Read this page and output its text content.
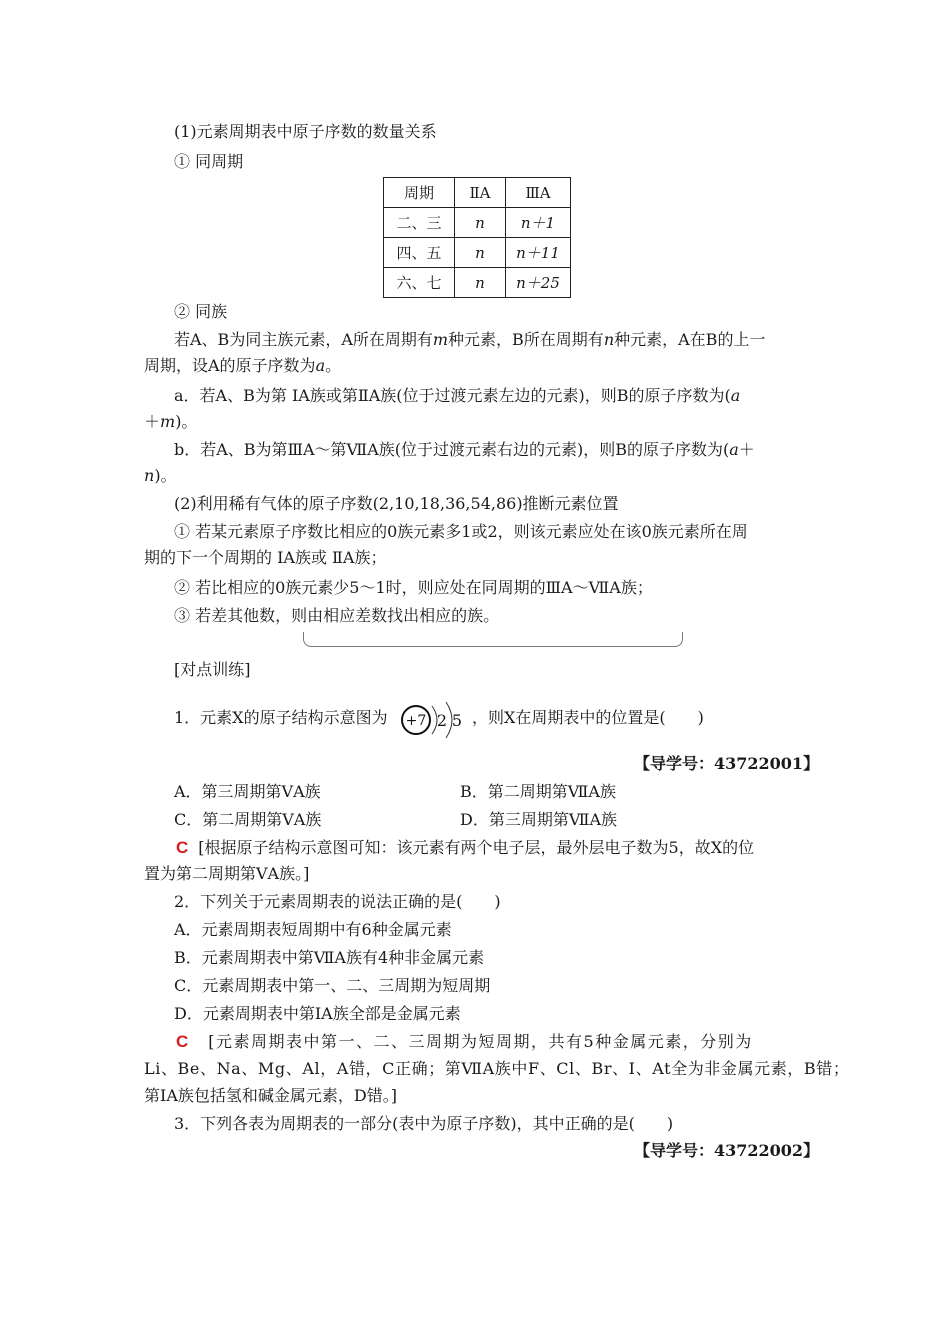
(1)元素周期表中原子序数的数量关系
① 同周期
周期	ⅡA	ⅢA
二、三	n	n＋1
四、五	n	n＋11
六、七	n	n＋25
② 同族
若A、B为同主族元素，A所在周期有m种元素，B所在周期有n种元素，A在B的上一
周期，设A的原子序数为a。
a．若A、B为第 ⅠA族或第ⅡA族(位于过渡元素左边的元素)，则B的原子序数为(a
＋m)。
b．若A、B为第ⅢA～第ⅦA族(位于过渡元素右边的元素)，则B的原子序数为(a＋
n)。
(2)利用稀有气体的原子序数(2,10,18,36,54,86)推断元素位置
① 若某元素原子序数比相应的0族元素多1或2，则该元素应处在该0族元素所在周
期的下一个周期的 ⅠA族或 ⅡA族；
② 若比相应的0族元素少5～1时，则应处在同周期的ⅢA～ⅦA族；
③ 若差其他数，则由相应差数找出相应的族。
[对点训练]
1．元素X的原子结构示意图为 +7 2 5 ，则X在周期表中的位置是(　　)
【导学号：43722001】
A．第三周期第ⅤA族	B．第二周期第ⅦA族
C．第二周期第ⅤA族	D．第三周期第ⅦA族
C [根据原子结构示意图可知：该元素有两个电子层，最外层电子数为5，故X的位
置为第二周期第ⅤA族。]
2．下列关于元素周期表的说法正确的是(　　)
A．元素周期表短周期中有6种金属元素
B．元素周期表中第ⅦA族有4种非金属元素
C．元素周期表中第一、二、三周期为短周期
D．元素周期表中第ⅠA族全部是金属元素
C [元素周期表中第一、二、三周期为短周期，共有5种金属元素，分别为
Li、Be、Na、Mg、Al，A错，C正确；第ⅦA族中F、Cl、Br、I、At全为非金属元素，B错；
第ⅠA族包括氢和碱金属元素，D错。]
3．下列各表为周期表的一部分(表中为原子序数)，其中正确的是(　　)
【导学号：43722002】
